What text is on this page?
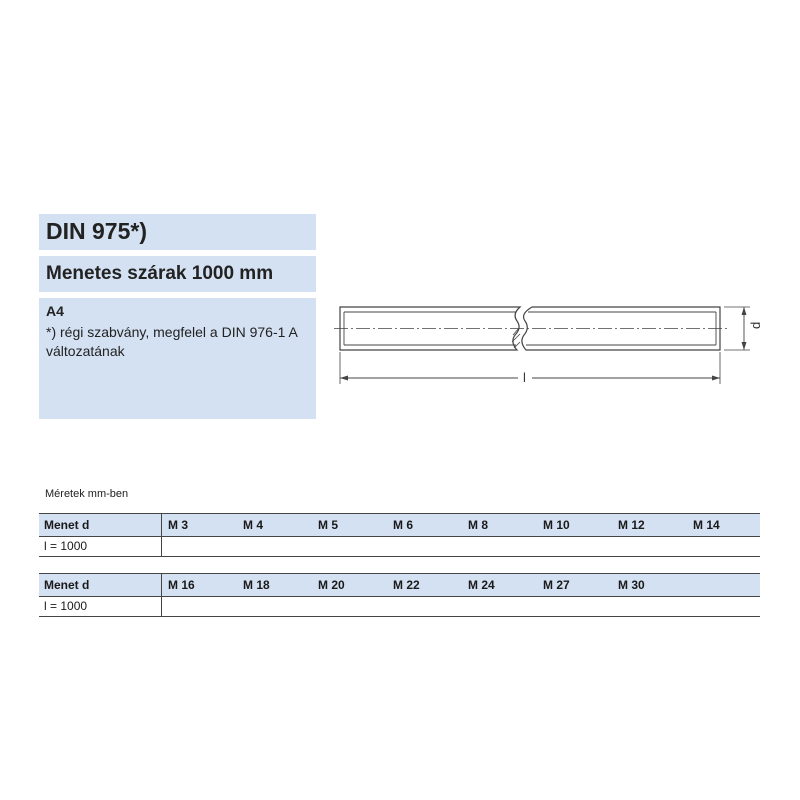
DIN 975*)
Menetes szárak 1000 mm
A4
*) régi szabvány, megfelel a DIN 976-1 A változatának
d
l
Méretek mm-ben
Menet d	M 3	M 4	M 5	M 6	M 8	M 10	M 12	M 14
l = 1000
Menet d	M 16	M 18	M 20	M 22	M 24	M 27	M 30
l = 1000
